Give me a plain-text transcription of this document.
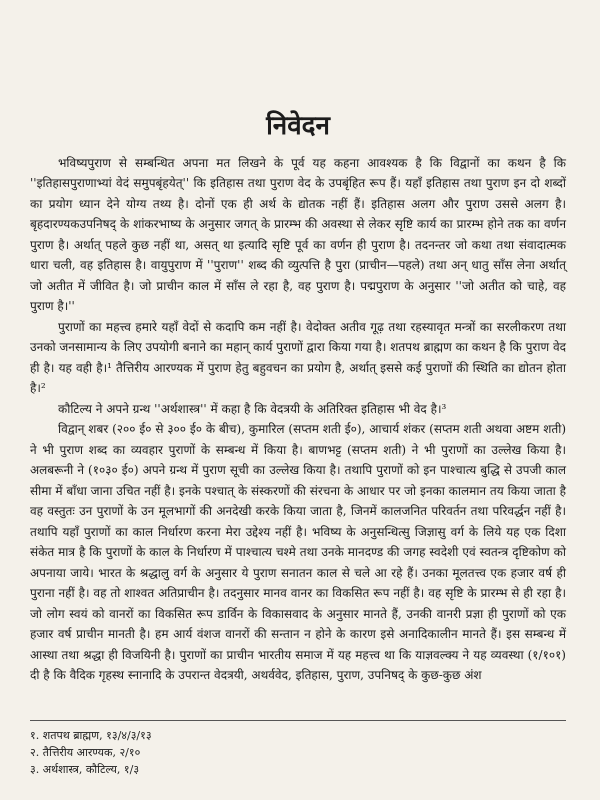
निवेदन

भविष्यपुराण से सम्बन्धित अपना मत लिखने के पूर्व यह कहना आवश्यक है कि विद्वानों का कथन है कि ''इतिहासपुराणाभ्यां वेदं समुपबृंहयेत्'' कि इतिहास तथा पुराण वेद के उपबृंहित रूप हैं। यहाँ इतिहास तथा पुराण इन दो शब्दों का प्रयोग ध्यान देने योग्य तथ्य है। दोनों एक ही अर्थ के द्योतक नहीं हैं। इतिहास अलग और पुराण उससे अलग है। बृहदारण्यकउपनिषद् के शांकरभाष्य के अनुसार जगत् के प्रारम्भ की अवस्था से लेकर सृष्टि कार्य का प्रारम्भ होने तक का वर्णन पुराण है। अर्थात् पहले कुछ नहीं था, असत् था इत्यादि सृष्टि पूर्व का वर्णन ही पुराण है। तदनन्तर जो कथा तथा संवादात्मक धारा चली, वह इतिहास है। वायुपुराण में ''पुराण'' शब्द की व्युत्पत्ति है पुरा (प्राचीन—पहले) तथा अन् धातु साँस लेना अर्थात् जो अतीत में जीवित है। जो प्राचीन काल में साँस ले रहा है, वह पुराण है। पद्मपुराण के अनुसार ''जो अतीत को चाहे, वह पुराण है।''

पुराणों का महत्त्व हमारे यहाँ वेदों से कदापि कम नहीं है। वेदोक्त अतीव गूढ़ तथा रहस्यावृत मन्त्रों का सरलीकरण तथा उनको जनसामान्य के लिए उपयोगी बनाने का महान् कार्य पुराणों द्वारा किया गया है। शतपथ ब्राह्मण का कथन है कि पुराण वेद ही है। यह वही है।¹ तैत्तिरीय आरण्यक में पुराण हेतु बहुवचन का प्रयोग है, अर्थात् इससे कई पुराणों की स्थिति का द्योतन होता है।²

कौटिल्य ने अपने ग्रन्थ ''अर्थशास्त्र'' में कहा है कि वेदत्रयी के अतिरिक्त इतिहास भी वेद है।³

विद्वान् शबर (२०० ई० से ३०० ई० के बीच), कुमारिल (सप्तम शती ई०), आचार्य शंकर (सप्तम शती अथवा अष्टम शती) ने भी पुराण शब्द का व्यवहार पुराणों के सम्बन्ध में किया है। बाणभट्ट (सप्तम शती) ने भी पुराणों का उल्लेख किया है। अलबरूनी ने (१०३० ई०) अपने ग्रन्थ में पुराण सूची का उल्लेख किया है। तथापि पुराणों को इन पाश्चात्य बुद्धि से उपजी काल सीमा में बाँधा जाना उचित नहीं है। इनके पश्चात् के संस्करणों की संरचना के आधार पर जो इनका कालमान तय किया जाता है वह वस्तुतः उन पुराणों के उन मूलभागों की अनदेखी करके किया जाता है, जिनमें कालजनित परिवर्तन तथा परिवर्द्धन नहीं है। तथापि यहाँ पुराणों का काल निर्धारण करना मेरा उद्देश्य नहीं है। भविष्य के अनुसन्धित्सु जिज्ञासु वर्ग के लिये यह एक दिशा संकेत मात्र है कि पुराणों के काल के निर्धारण में पाश्चात्य चश्मे तथा उनके मानदण्ड की जगह स्वदेशी एवं स्वतन्त्र दृष्टिकोण को अपनाया जाये। भारत के श्रद्धालु वर्ग के अनुसार ये पुराण सनातन काल से चले आ रहे हैं। उनका मूलतत्त्व एक हजार वर्ष ही पुराना नहीं है। वह तो शाश्वत अतिप्राचीन है। तदनुसार मानव वानर का विकसित रूप नहीं है। वह सृष्टि के प्रारम्भ से ही रहा है। जो लोग स्वयं को वानरों का विकसित रूप डार्विन के विकासवाद के अनुसार मानते हैं, उनकी वानरी प्रज्ञा ही पुराणों को एक हजार वर्ष प्राचीन मानती है। हम आर्य वंशज वानरों की सन्तान न होने के कारण इसे अनादिकालीन मानते हैं। इस सम्बन्ध में आस्था तथा श्रद्धा ही विजयिनी है। पुराणों का प्राचीन भारतीय समाज में यह महत्त्व था कि याज्ञवल्क्य ने यह व्यवस्था (१/१०१) दी है कि वैदिक गृहस्थ स्नानादि के उपरान्त वेदत्रयी, अथर्ववेद, इतिहास, पुराण, उपनिषद् के कुछ-कुछ अंश

१. शतपथ ब्राह्मण, १३/४/३/१३

२. तैत्तिरीय आरण्यक, २/१०

३. अर्थशास्त्र, कौटिल्य, १/३
